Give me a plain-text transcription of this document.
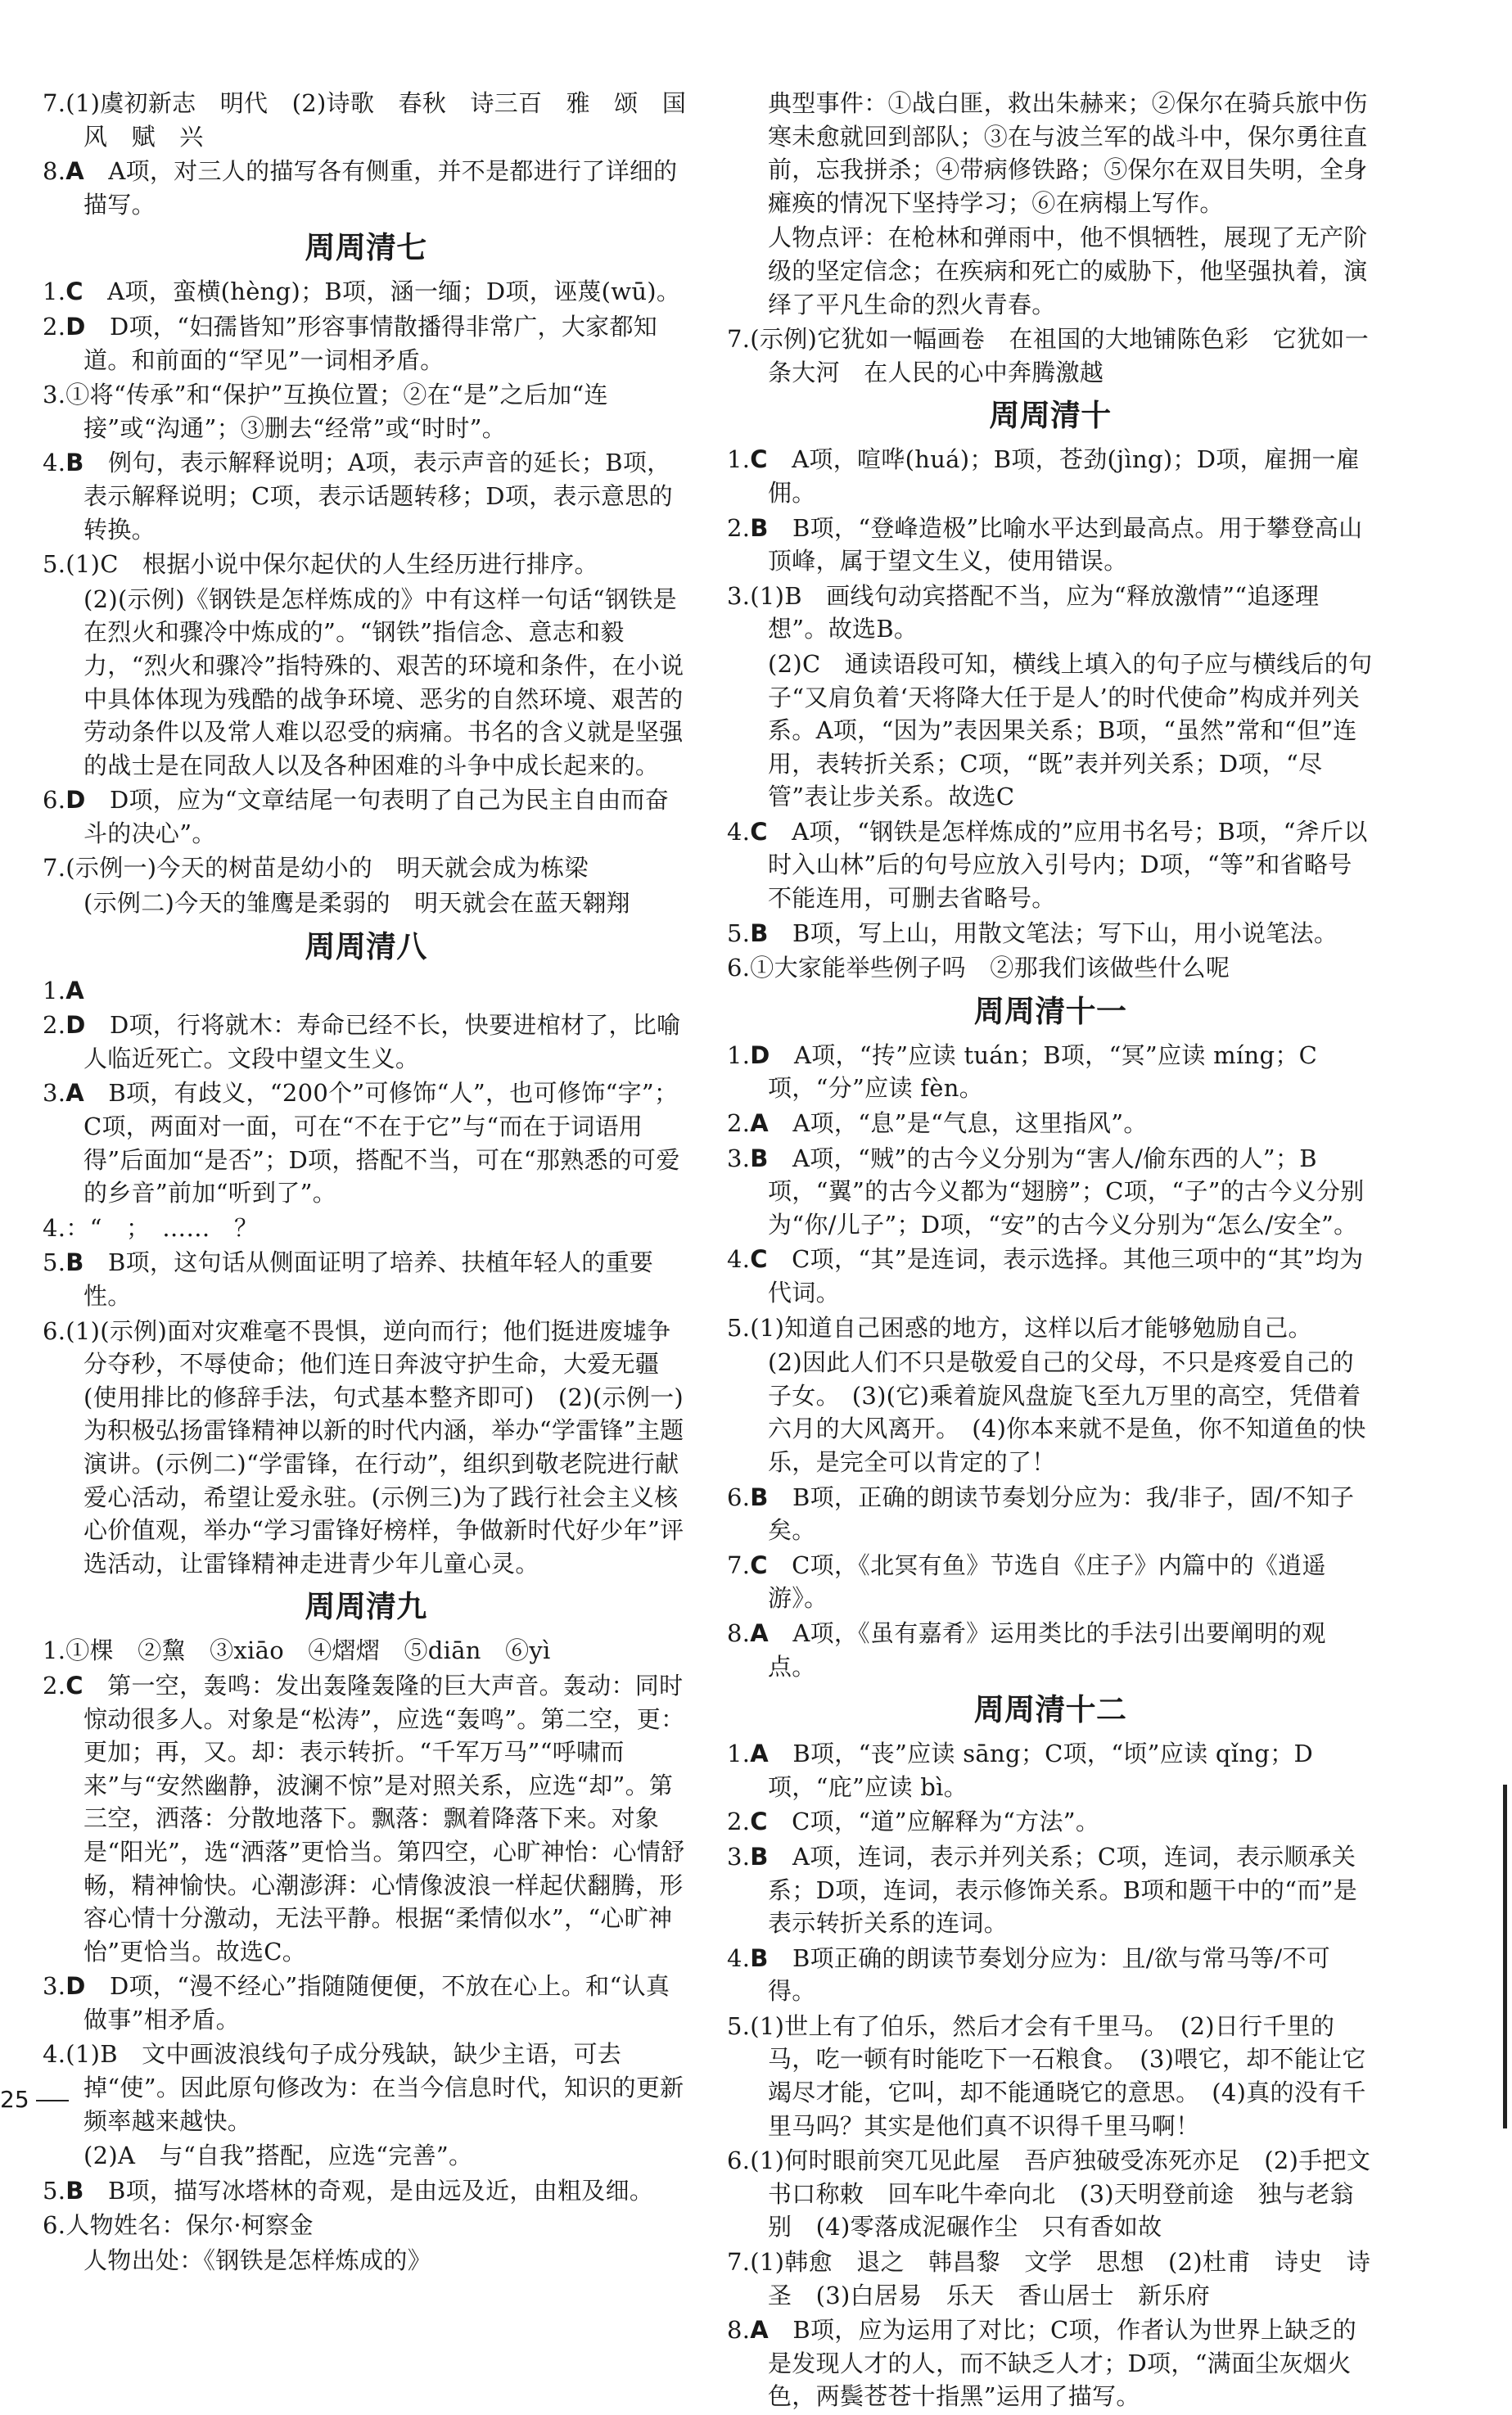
7.(1)虞初新志　明代　(2)诗歌　春秋　诗三百　雅　颂　国风　赋　兴
8.A　A项，对三人的描写各有侧重，并不是都进行了详细的描写。
周周清七
1.C　A项，蛮横(hèng)；B项，涵一缅；D项，诬蔑(wū)。
2.D　D项，“妇孺皆知”形容事情散播得非常广，大家都知道。和前面的“罕见”一词相矛盾。
3.①将“传承”和“保护”互换位置；②在“是”之后加“连接”或“沟通”；③删去“经常”或“时时”。
4.B　例句，表示解释说明；A项，表示声音的延长；B项，表示解释说明；C项，表示话题转移；D项，表示意思的转换。
5.(1)C　根据小说中保尔起伏的人生经历进行排序。
(2)(示例)《钢铁是怎样炼成的》中有这样一句话“钢铁是在烈火和骤冷中炼成的”。“钢铁”指信念、意志和毅力，“烈火和骤冷”指特殊的、艰苦的环境和条件，在小说中具体体现为残酷的战争环境、恶劣的自然环境、艰苦的劳动条件以及常人难以忍受的病痛。书名的含义就是坚强的战士是在同敌人以及各种困难的斗争中成长起来的。
6.D　D项，应为“文章结尾一句表明了自己为民主自由而奋斗的决心”。
7.(示例一)今天的树苗是幼小的　明天就会成为栋梁
(示例二)今天的雏鹰是柔弱的　明天就会在蓝天翱翔
周周清八
1.A
2.D　D项，行将就木：寿命已经不长，快要进棺材了，比喻人临近死亡。文段中望文生义。
3.A　B项，有歧义，“200个”可修饰“人”，也可修饰“字”；C项，两面对一面，可在“不在于它”与“而在于词语用得”后面加“是否”；D项，搭配不当，可在“那熟悉的可爱的乡音”前加“听到了”。
4.：“　；　……　？
5.B　B项，这句话从侧面证明了培养、扶植年轻人的重要性。
6.(1)(示例)面对灾难毫不畏惧，逆向而行；他们挺进废墟争分夺秒，不辱使命；他们连日奔波守护生命，大爱无疆(使用排比的修辞手法，句式基本整齐即可)　(2)(示例一)为积极弘扬雷锋精神以新的时代内涵，举办“学雷锋”主题演讲。(示例二)“学雷锋，在行动”，组织到敬老院进行献爱心活动，希望让爱永驻。(示例三)为了践行社会主义核心价值观，举办“学习雷锋好榜样，争做新时代好少年”评选活动，让雷锋精神走进青少年儿童心灵。
周周清九
1.①棵　②黧　③xiāo　④熠熠　⑤diān　⑥yì
2.C　第一空，轰鸣：发出轰隆轰隆的巨大声音。轰动：同时惊动很多人。对象是“松涛”，应选“轰鸣”。第二空，更：更加；再，又。却：表示转折。“千军万马”“呼啸而来”与“安然幽静，波澜不惊”是对照关系，应选“却”。第三空，洒落：分散地落下。飘落：飘着降落下来。对象是“阳光”，选“洒落”更恰当。第四空，心旷神怡：心情舒畅，精神愉快。心潮澎湃：心情像波浪一样起伏翻腾，形容心情十分激动，无法平静。根据“柔情似水”，“心旷神怡”更恰当。故选C。
3.D　D项，“漫不经心”指随随便便，不放在心上。和“认真做事”相矛盾。
4.(1)B　文中画波浪线句子成分残缺，缺少主语，可去掉“使”。因此原句修改为：在当今信息时代，知识的更新频率越来越快。
(2)A　与“自我”搭配，应选“完善”。
5.B　B项，描写冰塔林的奇观，是由远及近，由粗及细。
6.人物姓名：保尔·柯察金
人物出处：《钢铁是怎样炼成的》
典型事件：①战白匪，救出朱赫来；②保尔在骑兵旅中伤寒未愈就回到部队；③在与波兰军的战斗中，保尔勇往直前，忘我拼杀；④带病修铁路；⑤保尔在双目失明，全身瘫痪的情况下坚持学习；⑥在病榻上写作。
人物点评：在枪林和弹雨中，他不惧牺牲，展现了无产阶级的坚定信念；在疾病和死亡的威胁下，他坚强执着，演绎了平凡生命的烈火青春。
7.(示例)它犹如一幅画卷　在祖国的大地铺陈色彩　它犹如一条大河　在人民的心中奔腾激越
周周清十
1.C　A项，喧哗(huá)；B项，苍劲(jìng)；D项，雇拥一雇佣。
2.B　B项，“登峰造极”比喻水平达到最高点。用于攀登高山顶峰，属于望文生义，使用错误。
3.(1)B　画线句动宾搭配不当，应为“释放激情”“追逐理想”。故选B。
(2)C　通读语段可知，横线上填入的句子应与横线后的句子“又肩负着‘天将降大任于是人’的时代使命”构成并列关系。A项，“因为”表因果关系；B项，“虽然”常和“但”连用，表转折关系；C项，“既”表并列关系；D项，“尽管”表让步关系。故选C
4.C　A项，“钢铁是怎样炼成的”应用书名号；B项，“斧斤以时入山林”后的句号应放入引号内；D项，“等”和省略号不能连用，可删去省略号。
5.B　B项，写上山，用散文笔法；写下山，用小说笔法。
6.①大家能举些例子吗　②那我们该做些什么呢
周周清十一
1.D　A项，“抟”应读 tuán；B项，“冥”应读 míng；C项，“分”应读 fèn。
2.A　A项，“息”是“气息，这里指风”。
3.B　A项，“贼”的古今义分别为“害人/偷东西的人”；B项，“翼”的古今义都为“翅膀”；C项，“子”的古今义分别为“你/儿子”；D项，“安”的古今义分别为“怎么/安全”。
4.C　C项，“其”是连词，表示选择。其他三项中的“其”均为代词。
5.(1)知道自己困惑的地方，这样以后才能够勉励自己。
(2)因此人们不只是敬爱自己的父母，不只是疼爱自己的子女。　(3)(它)乘着旋风盘旋飞至九万里的高空，凭借着六月的大风离开。　(4)你本来就不是鱼，你不知道鱼的快乐，是完全可以肯定的了！
6.B　B项，正确的朗读节奏划分应为：我/非子，固/不知子矣。
7.C　C项，《北冥有鱼》节选自《庄子》内篇中的《逍遥游》。
8.A　A项，《虽有嘉肴》运用类比的手法引出要阐明的观点。
周周清十二
1.A　B项，“丧”应读 sāng；C项，“顷”应读 qǐng；D项，“庇”应读 bì。
2.C　C项，“道”应解释为“方法”。
3.B　A项，连词，表示并列关系；C项，连词，表示顺承关系；D项，连词，表示修饰关系。B项和题干中的“而”是表示转折关系的连词。
4.B　B项正确的朗读节奏划分应为：且/欲与常马等/不可得。
5.(1)世上有了伯乐，然后才会有千里马。　(2)日行千里的马，吃一顿有时能吃下一石粮食。　(3)喂它，却不能让它竭尽才能，它叫，却不能通晓它的意思。　(4)真的没有千里马吗？其实是他们真不识得千里马啊！
6.(1)何时眼前突兀见此屋　吾庐独破受冻死亦足　(2)手把文书口称敕　回车叱牛牵向北　(3)天明登前途　独与老翁别　(4)零落成泥碾作尘　只有香如故
7.(1)韩愈　退之　韩昌黎　文学　思想　(2)杜甫　诗史　诗圣　(3)白居易　乐天　香山居士　新乐府
8.A　B项，应为运用了对比；C项，作者认为世界上缺乏的是发现人才的人，而不缺乏人才；D项，“满面尘灰烟火色，两鬓苍苍十指黑”运用了描写。
25
